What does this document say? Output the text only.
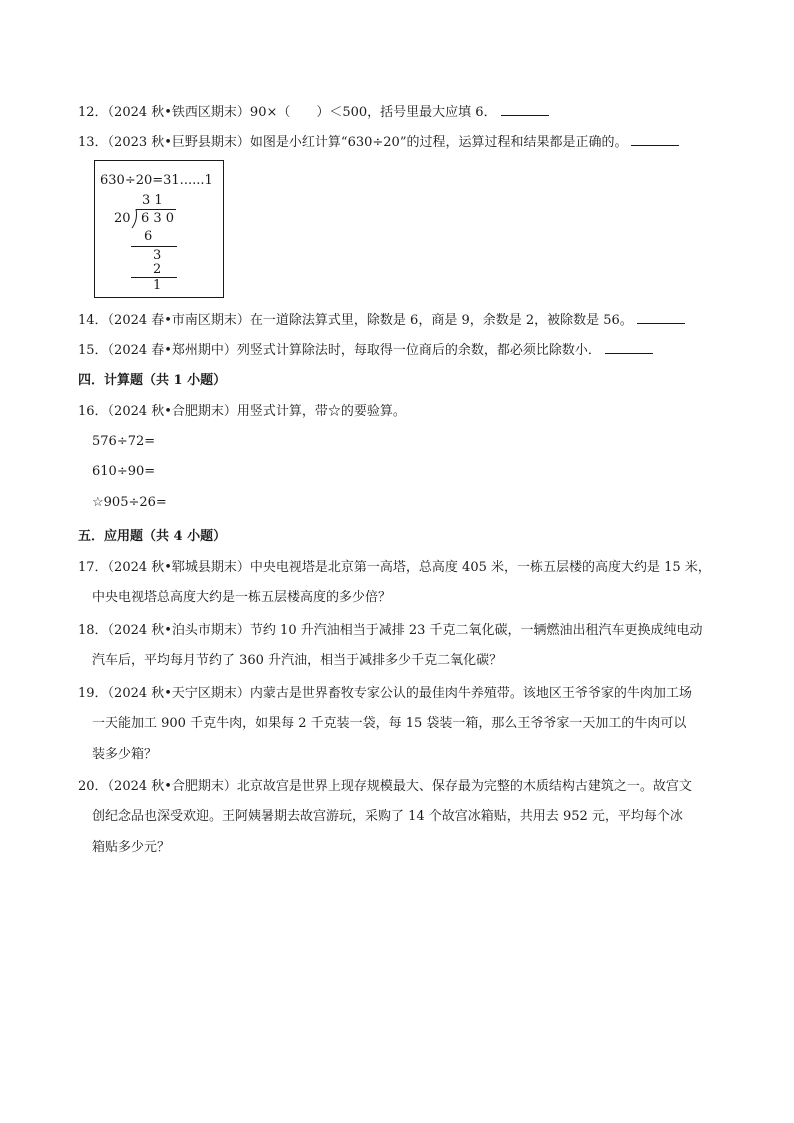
12．（2024 秋•铁西区期末）90×（　　）＜500，括号里最大应填 6．
13．（2023 秋•巨野县期末）如图是小红计算“630÷20”的过程，运算过程和结果都是正确的。
630÷20=31......1
3 1
20 6 3 0
6
3
2
1
14．（2024 春•市南区期末）在一道除法算式里，除数是 6，商是 9，余数是 2，被除数是 56。
15．（2024 春•郑州期中）列竖式计算除法时，每取得一位商后的余数，都必须比除数小．
四．计算题（共 1 小题）
16．（2024 秋•合肥期末）用竖式计算，带☆的要验算。
576÷72=
610÷90=
☆905÷26=
五．应用题（共 4 小题）
17．（2024 秋•郓城县期末）中央电视塔是北京第一高塔，总高度 405 米，一栋五层楼的高度大约是 15 米，
中央电视塔总高度大约是一栋五层楼高度的多少倍？
18．（2024 秋•泊头市期末）节约 10 升汽油相当于减排 23 千克二氧化碳，一辆燃油出租汽车更换成纯电动
汽车后，平均每月节约了 360 升汽油，相当于减排多少千克二氧化碳？
19．（2024 秋•天宁区期末）内蒙古是世界畜牧专家公认的最佳肉牛养殖带。该地区王爷爷家的牛肉加工场
一天能加工 900 千克牛肉，如果每 2 千克装一袋，每 15 袋装一箱，那么王爷爷家一天加工的牛肉可以
装多少箱？
20．（2024 秋•合肥期末）北京故宫是世界上现存规模最大、保存最为完整的木质结构古建筑之一。故宫文
创纪念品也深受欢迎。王阿姨暑期去故宫游玩，采购了 14 个故宫冰箱贴，共用去 952 元，平均每个冰
箱贴多少元？
